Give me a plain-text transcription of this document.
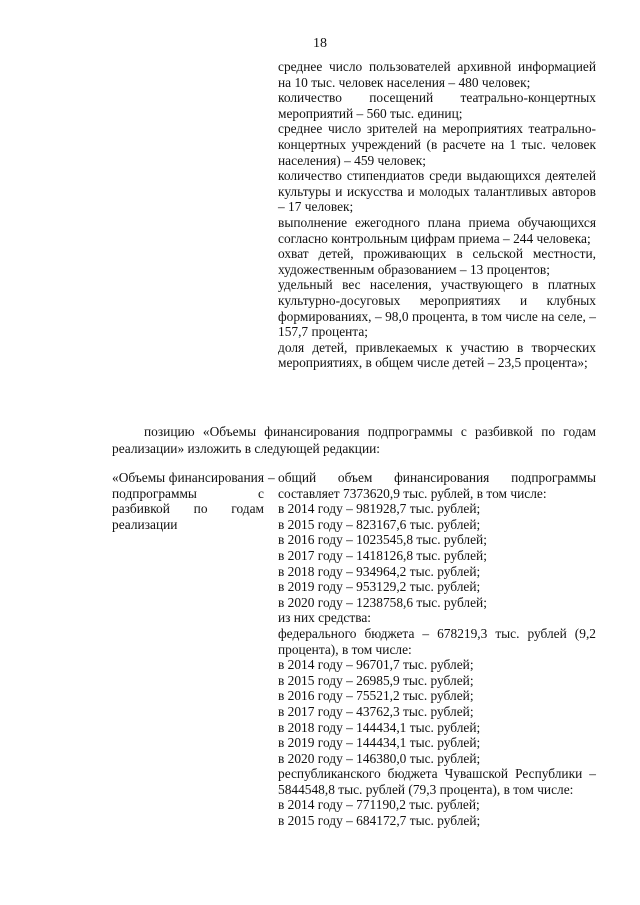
18

среднее число пользователей архивной информацией на 10 тыс. человек населения – 480 человек;

количество посещений театрально-концертных мероприятий – 560 тыс. единиц;

среднее число зрителей на мероприятиях театрально-концертных учреждений (в расчете на 1 тыс. человек населения) – 459 человек;

количество стипендиатов среди выдающихся деятелей культуры и искусства и молодых талантливых авторов – 17 человек;

выполнение ежегодного плана приема обучающихся согласно контрольным цифрам приема – 244 человека;

охват детей, проживающих в сельской местности, художественным образованием – 13 процентов;

удельный вес населения, участвующего в платных культурно-досуговых мероприятиях и клубных формированиях, – 98,0 процента, в том числе на селе, – 157,7 процента;

доля детей, привлекаемых к участию в творческих мероприятиях, в общем числе детей – 23,5 процента»;

позицию «Объемы финансирования подпрограммы с разбивкой по годам реализации» изложить в следующей редакции:

«Объемы финансирования подпрограммы с разбивкой по годам реализации
– общий объем финансирования подпрограммы составляет 7373620,9 тыс. рублей, в том числе:

в 2014 году – 981928,7 тыс. рублей;

в 2015 году – 823167,6 тыс. рублей;

в 2016 году – 1023545,8 тыс. рублей;

в 2017 году – 1418126,8 тыс. рублей;

в 2018 году – 934964,2 тыс. рублей;

в 2019 году – 953129,2 тыс. рублей;

в 2020 году – 1238758,6 тыс. рублей;

из них средства:

федерального бюджета – 678219,3 тыс. рублей (9,2 процента), в том числе:

в 2014 году – 96701,7 тыс. рублей;

в 2015 году – 26985,9 тыс. рублей;

в 2016 году – 75521,2 тыс. рублей;

в 2017 году – 43762,3 тыс. рублей;

в 2018 году – 144434,1 тыс. рублей;

в 2019 году – 144434,1 тыс. рублей;

в 2020 году – 146380,0 тыс. рублей;

республиканского бюджета Чувашской Республики – 5844548,8 тыс. рублей (79,3 процента), в том числе:

в 2014 году – 771190,2 тыс. рублей;

в 2015 году – 684172,7 тыс. рублей;
